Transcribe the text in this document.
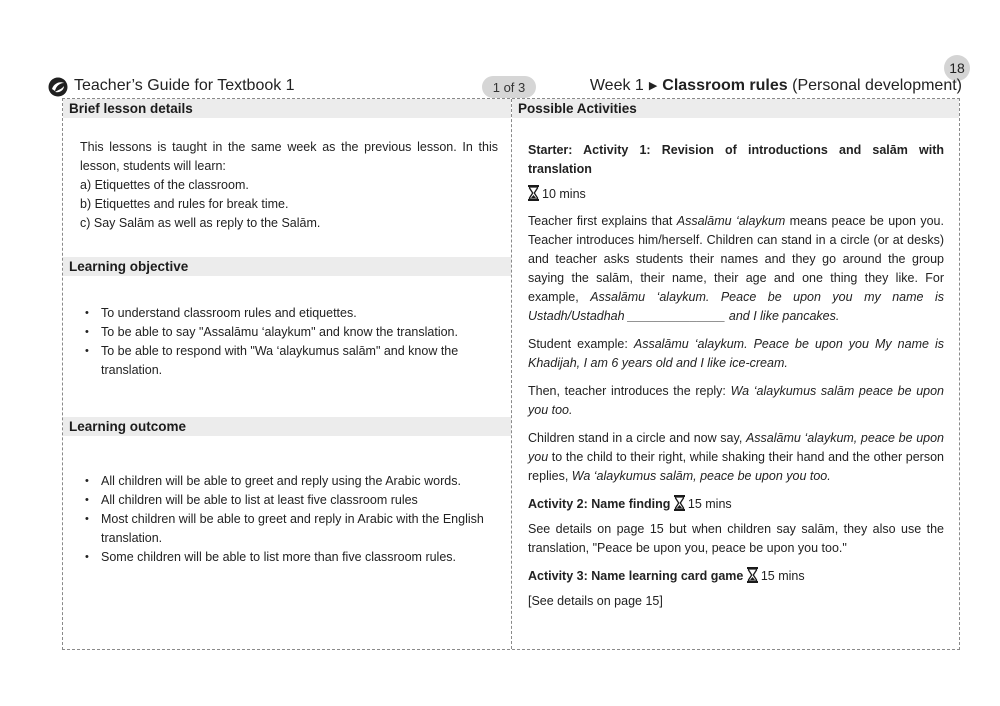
18
Teacher’s Guide for Textbook 1	1 of 3	Week 1 ▶ Classroom rules (Personal development)
Brief lesson details
This lessons is taught in the same week as the previous lesson. In this lesson, students will learn:
a) Etiquettes of the classroom.
b) Etiquettes and rules for break time.
c) Say Salām as well as reply to the Salām.
Learning objective
• To understand classroom rules and etiquettes.
• To be able to say "Assalāmu ‘alaykum" and know the translation.
• To be able to respond with "Wa ‘alaykumus salām" and know the translation.
Learning outcome
• All children will be able to greet and reply using the Arabic words.
• All children will be able to list at least five classroom rules
• Most children will be able to greet and reply in Arabic with the English translation.
• Some children will be able to list more than five classroom rules.
Possible Activities
Starter: Activity 1: Revision of introductions and salām with translation
10 mins
Teacher first explains that Assalāmu ‘alaykum means peace be upon you. Teacher introduces him/herself. Children can stand in a circle (or at desks) and teacher asks students their names and they go around the group saying the salām, their name, their age and one thing they like. For example, Assalāmu ‘alaykum. Peace be upon you my name is Ustadh/Ustadhah ______________ and I like pancakes.
Student example: Assalāmu ‘alaykum. Peace be upon you My name is Khadijah, I am 6 years old and I like ice-cream.
Then, teacher introduces the reply: Wa ‘alaykumus salām peace be upon you too.
Children stand in a circle and now say, Assalāmu ‘alaykum, peace be upon you to the child to their right, while shaking their hand and the other person replies, Wa ‘alaykumus salām, peace be upon you too.
Activity 2: Name finding 15 mins
See details on page 15 but when children say salām, they also use the translation, "Peace be upon you, peace be upon you too."
Activity 3: Name learning card game 15 mins
[See details on page 15]
